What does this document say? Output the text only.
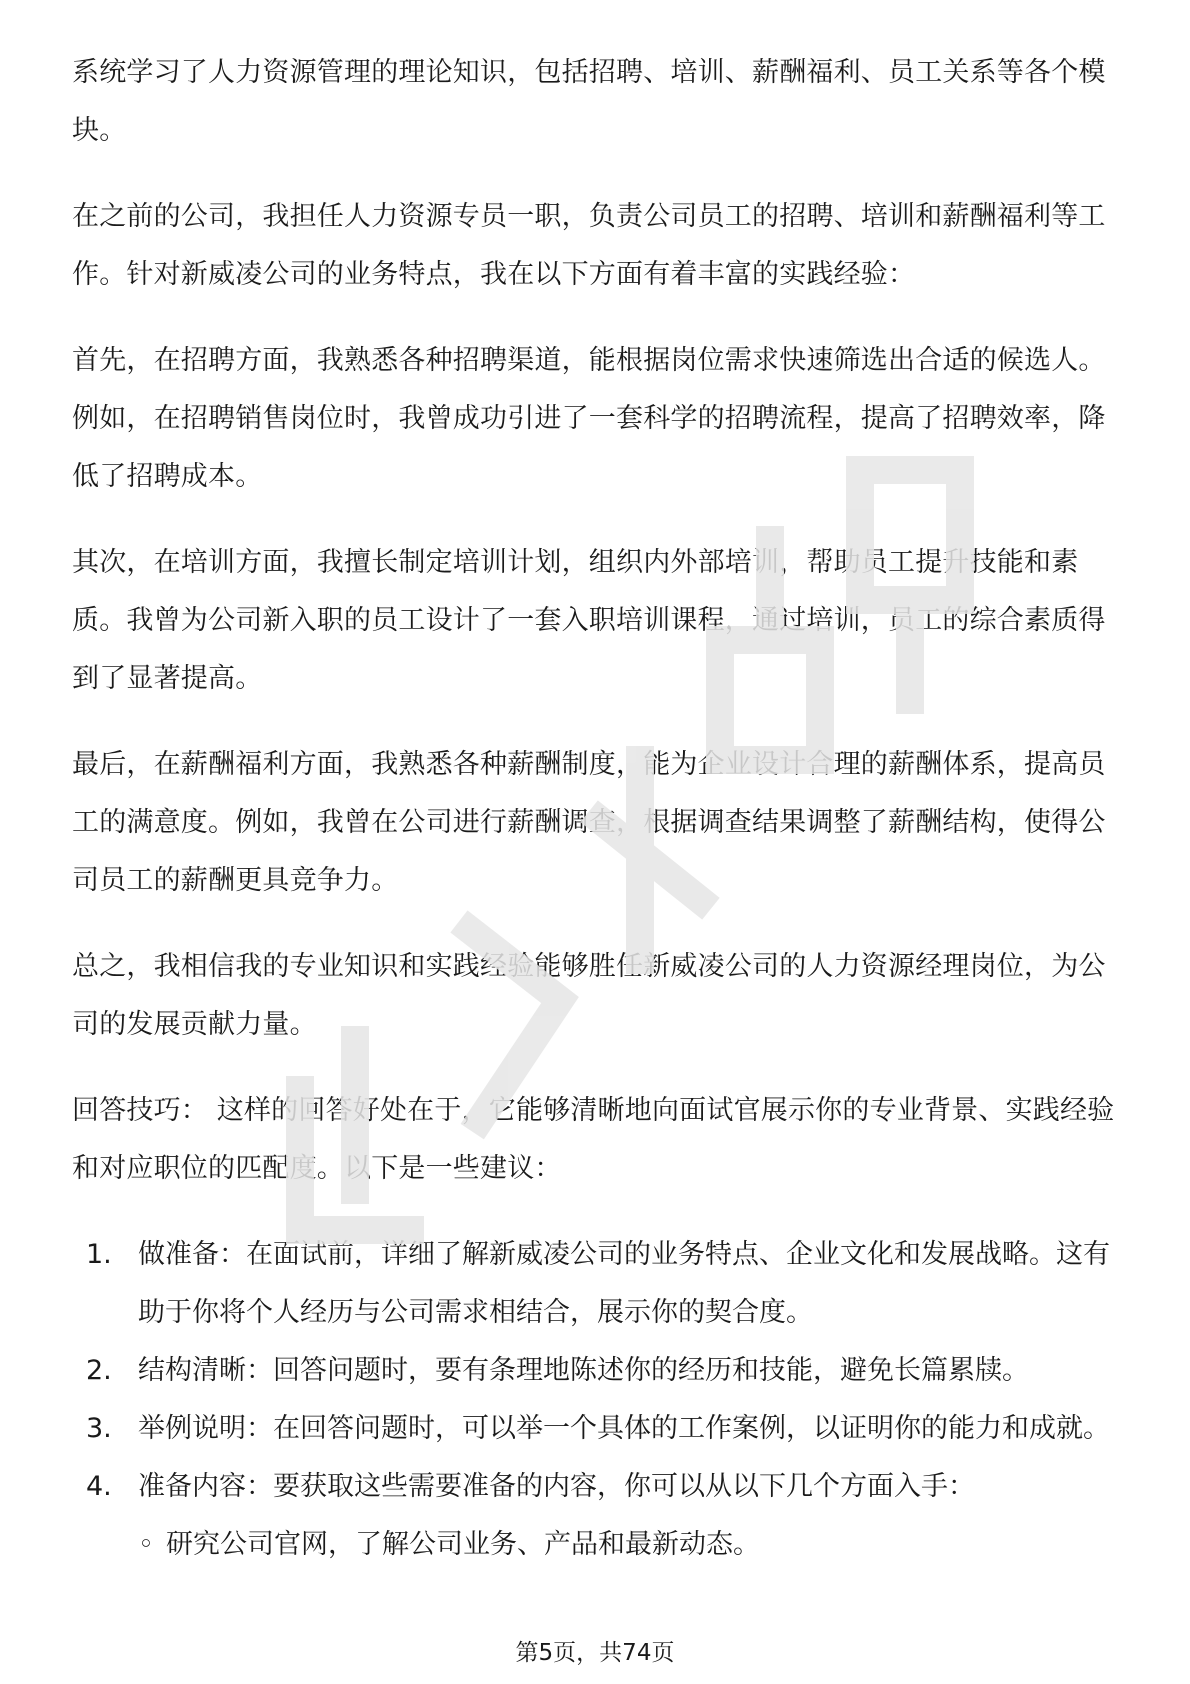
系统学习了人力资源管理的理论知识，包括招聘、培训、薪酬福利、员工关系等各个模块。

在之前的公司，我担任人力资源专员一职，负责公司员工的招聘、培训和薪酬福利等工作。针对新威凌公司的业务特点，我在以下方面有着丰富的实践经验：

首先，在招聘方面，我熟悉各种招聘渠道，能根据岗位需求快速筛选出合适的候选人。例如，在招聘销售岗位时，我曾成功引进了一套科学的招聘流程，提高了招聘效率，降低了招聘成本。

其次，在培训方面，我擅长制定培训计划，组织内外部培训，帮助员工提升技能和素质。我曾为公司新入职的员工设计了一套入职培训课程，通过培训，员工的综合素质得到了显著提高。

最后，在薪酬福利方面，我熟悉各种薪酬制度，能为企业设计合理的薪酬体系，提高员工的满意度。例如，我曾在公司进行薪酬调查，根据调查结果调整了薪酬结构，使得公司员工的薪酬更具竞争力。

总之，我相信我的专业知识和实践经验能够胜任新威凌公司的人力资源经理岗位，为公司的发展贡献力量。

回答技巧： 这样的回答好处在于，它能够清晰地向面试官展示你的专业背景、实践经验和对应职位的匹配度。以下是一些建议：

1. 做准备：在面试前，详细了解新威凌公司的业务特点、企业文化和发展战略。这有助于你将个人经历与公司需求相结合，展示你的契合度。
2. 结构清晰：回答问题时，要有条理地陈述你的经历和技能，避免长篇累牍。
3. 举例说明：在回答问题时，可以举一个具体的工作案例，以证明你的能力和成就。
4. 准备内容：要获取这些需要准备的内容，你可以从以下几个方面入手：
◦ 研究公司官网，了解公司业务、产品和最新动态。
第5页，共74页
